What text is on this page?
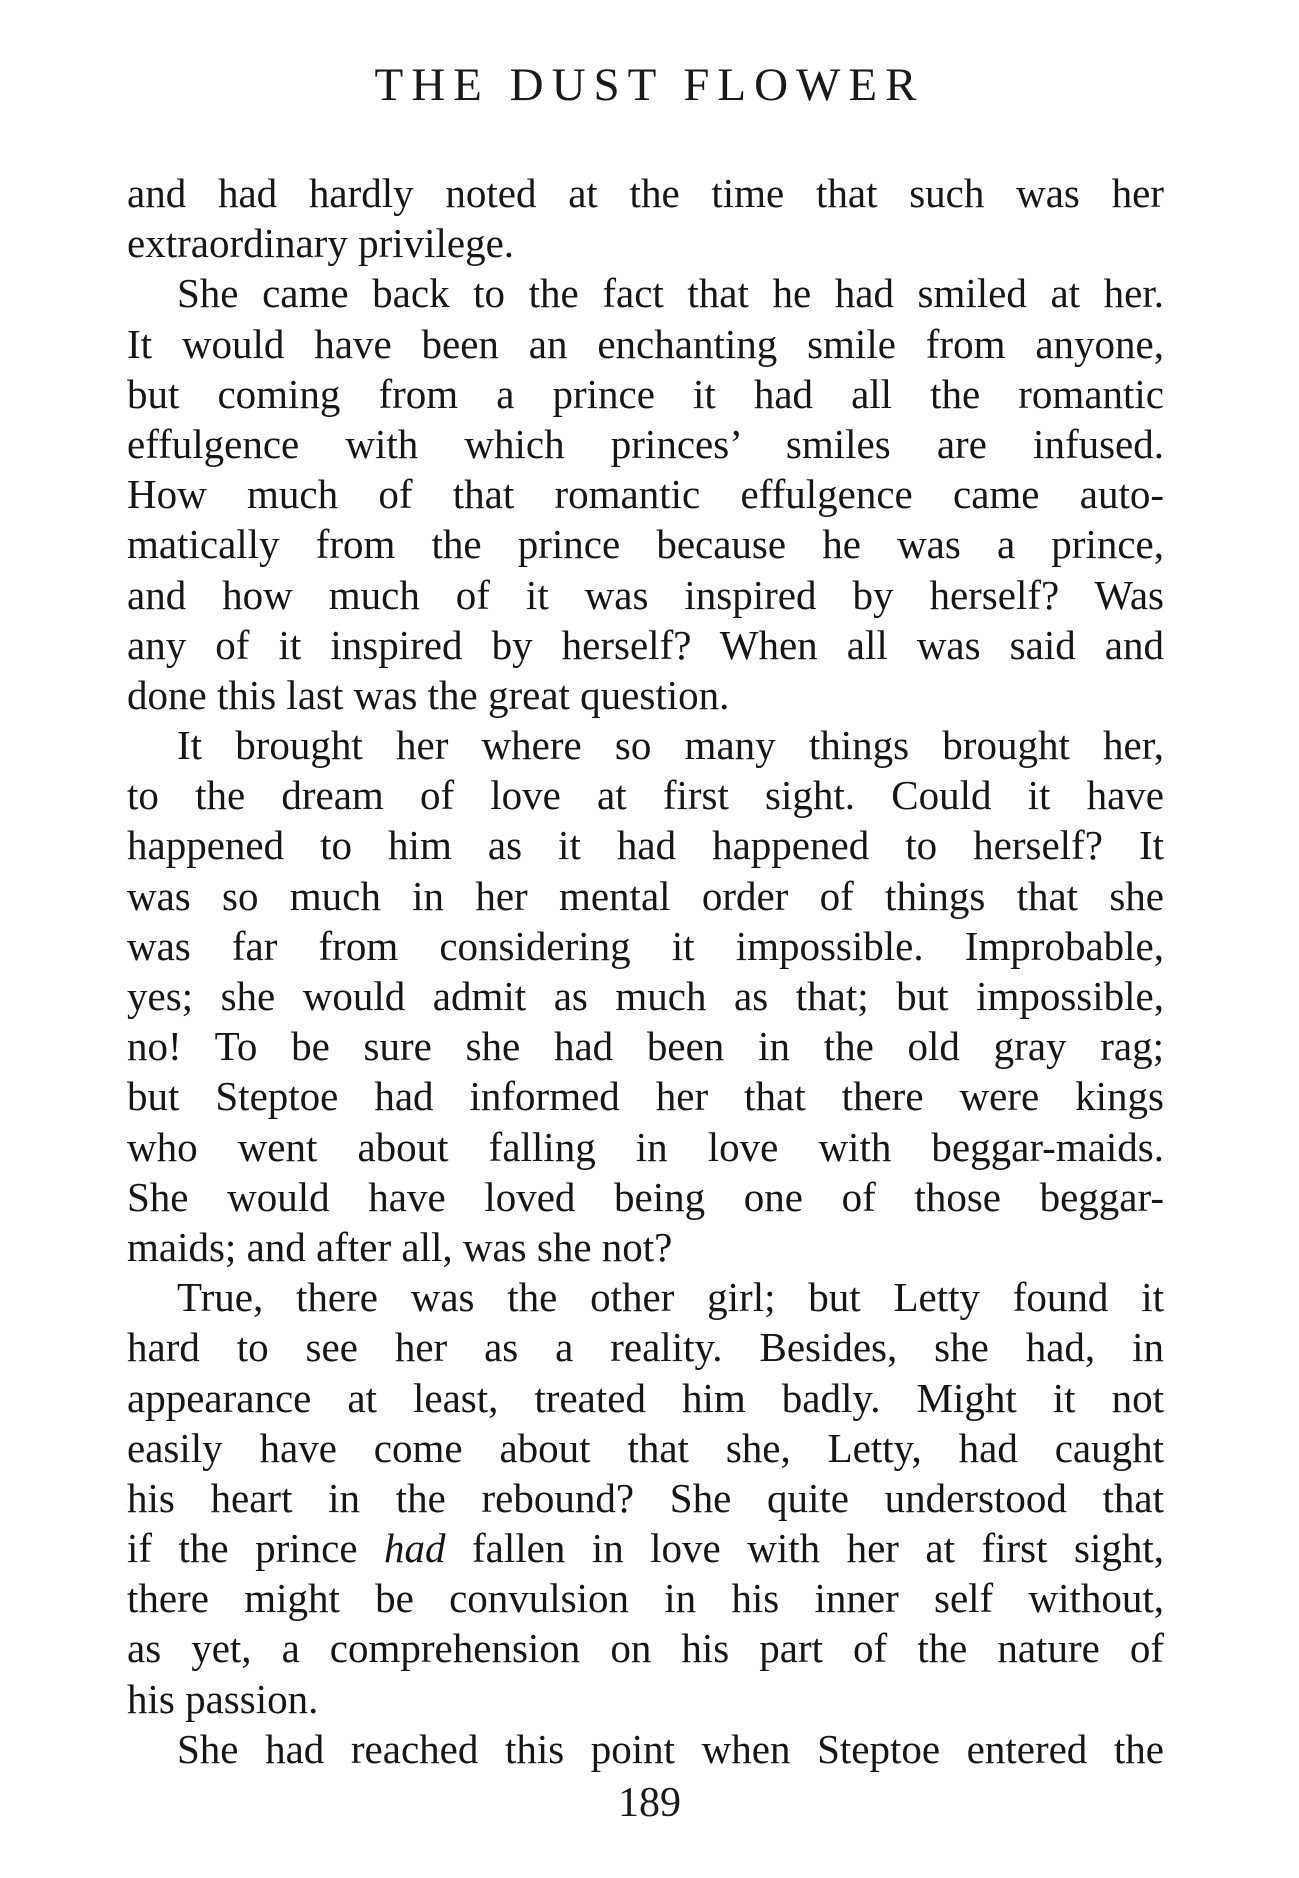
THE DUST FLOWER
and had hardly noted at the time that such was her
extraordinary privilege.
She came back to the fact that he had smiled at her.
It would have been an enchanting smile from anyone,
but coming from a prince it had all the romantic
effulgence with which princes’ smiles are infused.
How much of that romantic effulgence came auto-
matically from the prince because he was a prince,
and how much of it was inspired by herself? Was
any of it inspired by herself? When all was said and
done this last was the great question.
It brought her where so many things brought her,
to the dream of love at first sight. Could it have
happened to him as it had happened to herself? It
was so much in her mental order of things that she
was far from considering it impossible. Improbable,
yes; she would admit as much as that; but impossible,
no! To be sure she had been in the old gray rag;
but Steptoe had informed her that there were kings
who went about falling in love with beggar-maids.
She would have loved being one of those beggar-
maids; and after all, was she not?
True, there was the other girl; but Letty found it
hard to see her as a reality. Besides, she had, in
appearance at least, treated him badly. Might it not
easily have come about that she, Letty, had caught
his heart in the rebound? She quite understood that
if the prince had fallen in love with her at first sight,
there might be convulsion in his inner self without,
as yet, a comprehension on his part of the nature of
his passion.
She had reached this point when Steptoe entered the
189
